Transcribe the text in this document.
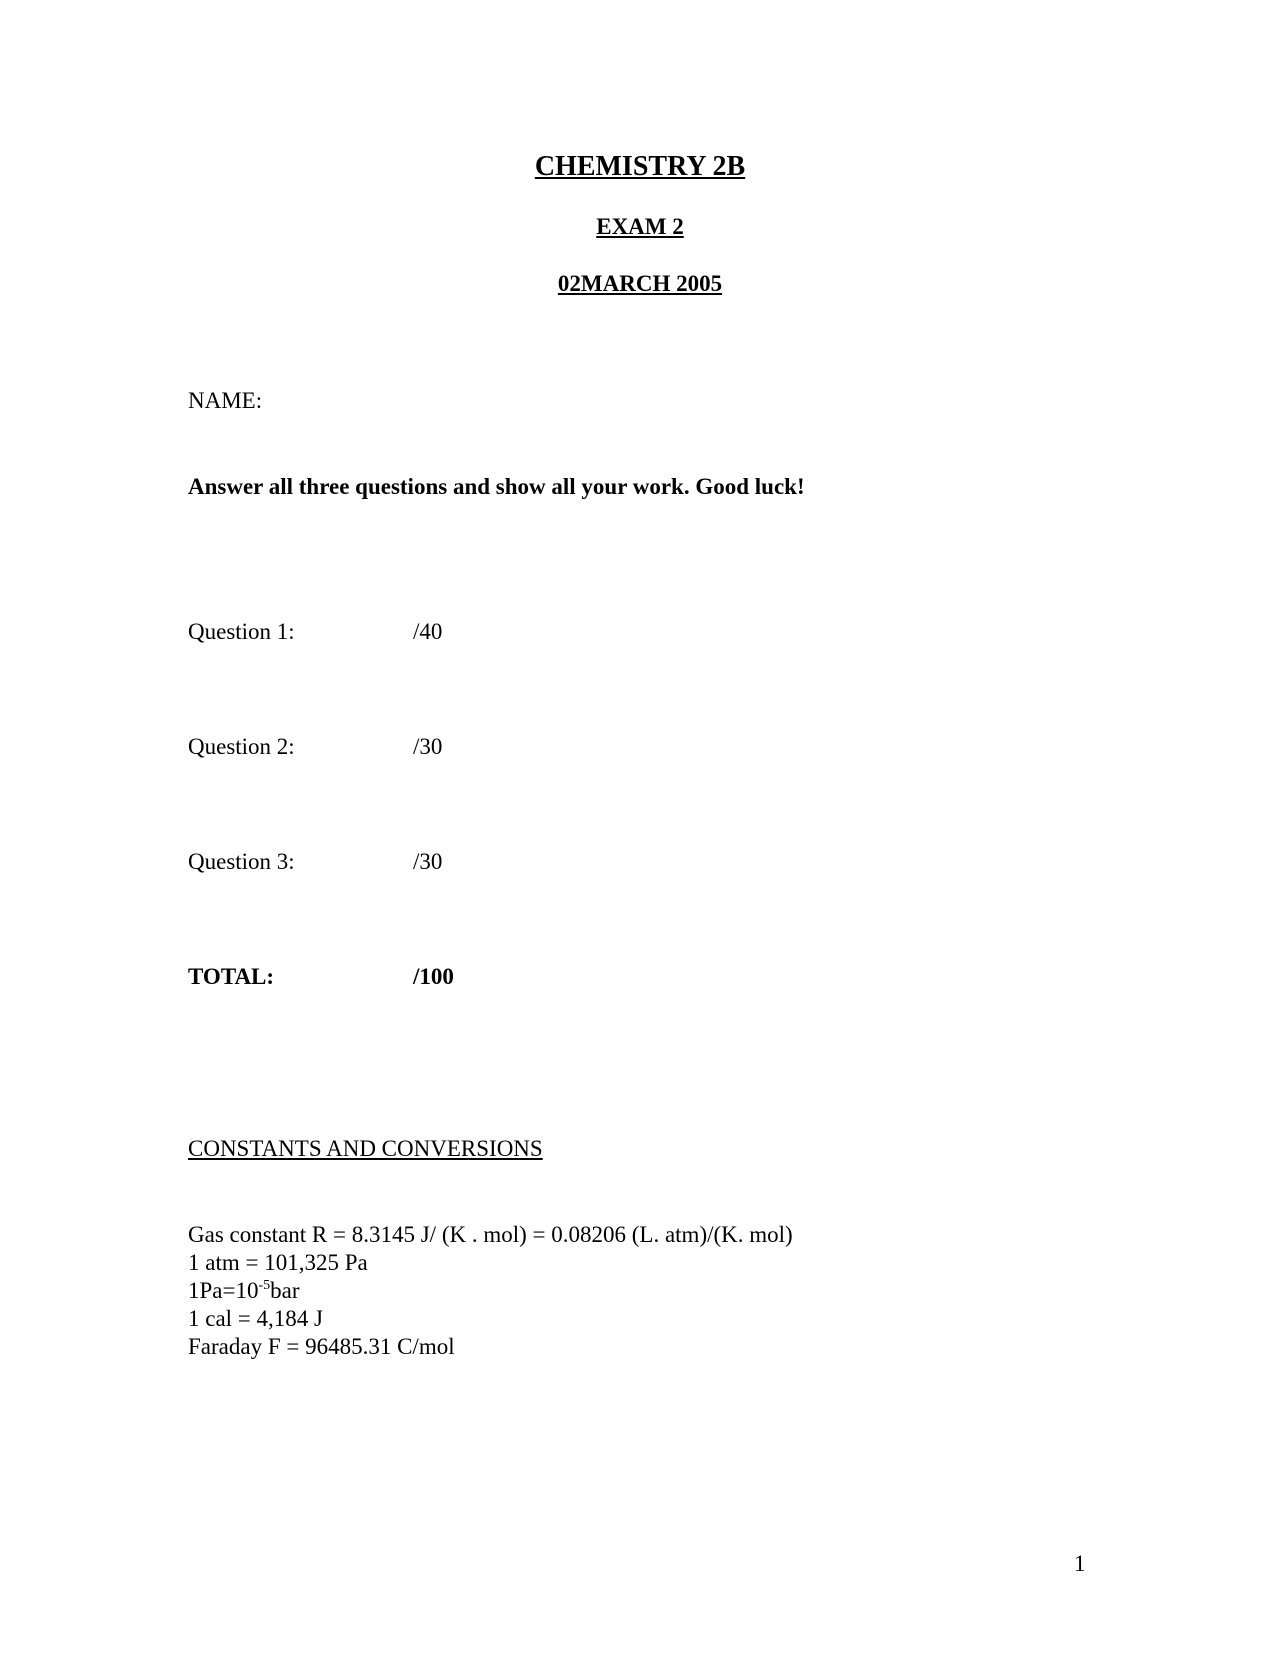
CHEMISTRY 2B
EXAM 2
02MARCH 2005
NAME:
Answer all three questions and show all your work. Good luck!
Question 1:	/40
Question 2:	/30
Question 3:	/30
TOTAL:	/100
CONSTANTS AND CONVERSIONS
Gas constant R = 8.3145 J/ (K . mol) = 0.08206 (L. atm)/(K. mol)
1 atm = 101,325 Pa
$1Pa=10^{-5}bar$
1 cal = 4,184 J
Faraday F = 96485.31 C/mol
1
